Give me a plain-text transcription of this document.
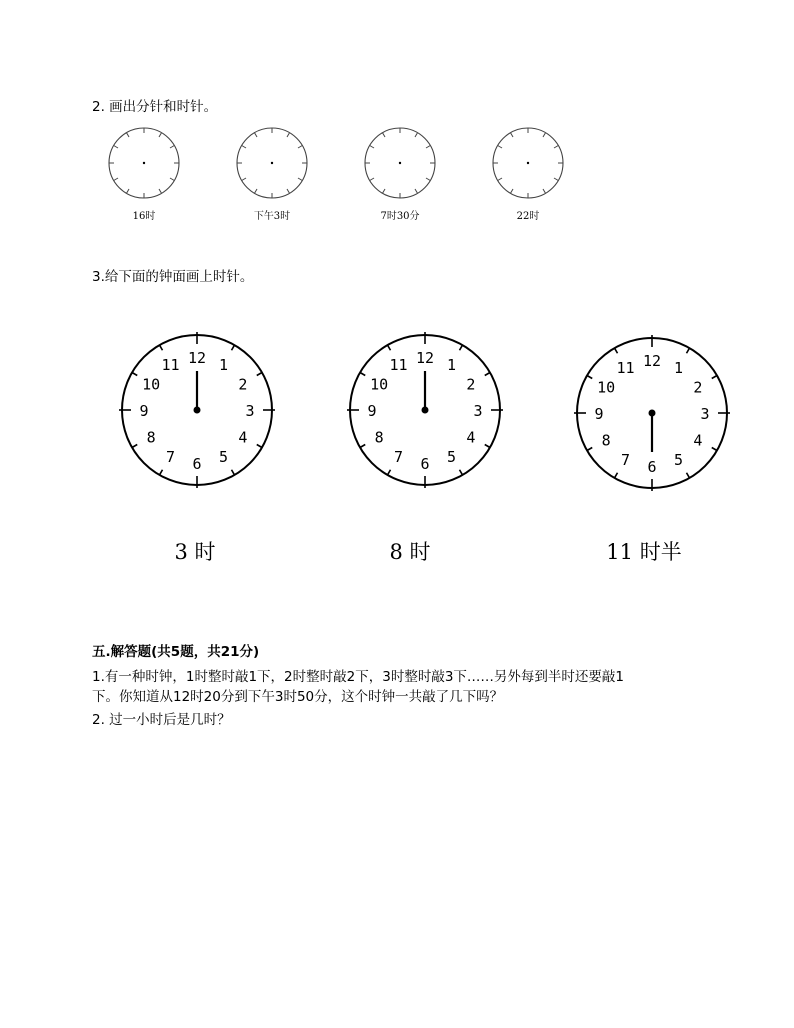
2. 画出分针和时针。
16时	下午3时	7时30分	22时
3.给下面的钟面画上时针。
12 1
2
3
4
5
6
7
8
9
10
11	12 1
2
3
4
5
6
7
8
9
10
11	12 1
2
3
4
5
6
7
8
9
10
11
3 时	8 时	11 时半
五.解答题(共5题，共21分)
1.有一种时钟，1时整时敲1下，2时整时敲2下，3时整时敲3下……另外每到半时还要敲1
下。你知道从12时20分到下午3时50分，这个时钟一共敲了几下吗？
2. 过一小时后是几时？
